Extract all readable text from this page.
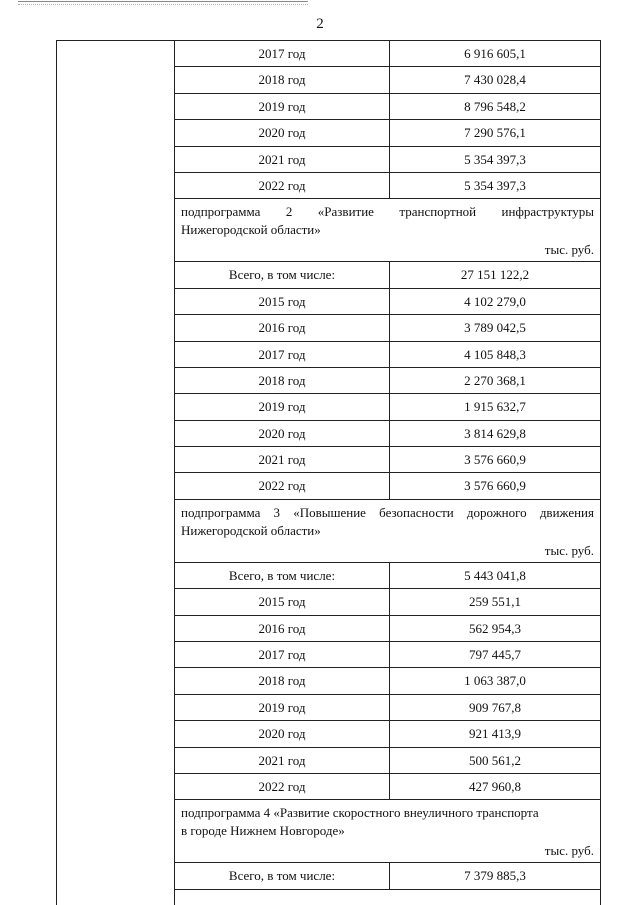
2
2017 год	6 916 605,1
2018 год	7 430 028,4
2019 год	8 796 548,2
2020 год	7 290 576,1
2021 год	5 354 397,3
2022 год	5 354 397,3
подпрограмма 2 «Развитие транспортной инфраструктуры Нижегородской области»
тыс. руб.
Всего, в том числе:	27 151 122,2
2015 год	4 102 279,0
2016 год	3 789 042,5
2017 год	4 105 848,3
2018 год	2 270 368,1
2019 год	1 915 632,7
2020 год	3 814 629,8
2021 год	3 576 660,9
2022 год	3 576 660,9
подпрограмма 3 «Повышение безопасности дорожного движения Нижегородской области»
тыс. руб.
Всего, в том числе:	5 443 041,8
2015 год	259 551,1
2016 год	562 954,3
2017 год	797 445,7
2018 год	1 063 387,0
2019 год	909 767,8
2020 год	921 413,9
2021 год	500 561,2
2022 год	427 960,8
подпрограмма 4 «Развитие скоростного внеуличного транспорта
в городе Нижнем Новгороде»
тыс. руб.
Всего, в том числе:	7 379 885,3
